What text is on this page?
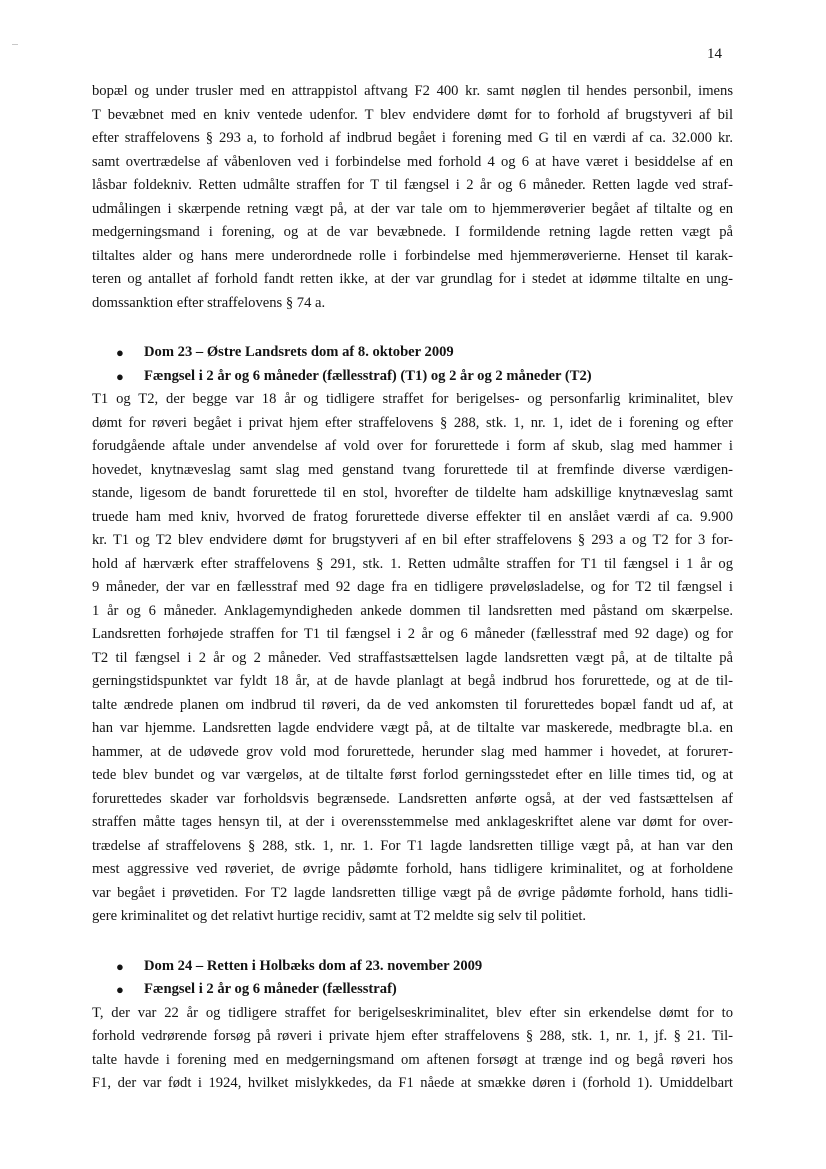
14
bopæl og under trusler med en attrappistol aftvang F2 400 kr. samt nøglen til hendes personbil, imens
T bevæbnet med en kniv ventede udenfor. T blev endvidere dømt for to forhold af brugstyveri af bil
efter straffelovens § 293 a, to forhold af indbrud begået i forening med G til en værdi af ca. 32.000 kr.
samt overtrædelse af våbenloven ved i forbindelse med forhold 4 og 6 at have været i besiddelse af en
låsbar foldekniv. Retten udmålte straffen for T til fængsel i 2 år og 6 måneder. Retten lagde ved straf-
udmålingen i skærpende retning vægt på, at der var tale om to hjemmerøverier begået af tiltalte og en
medgerningsmand i forening, og at de var bevæbnede. I formildende retning lagde retten vægt på
tiltaltes alder og hans mere underordnede rolle i forbindelse med hjemmerøverierne. Henset til karak-
teren og antallet af forhold fandt retten ikke, at der var grundlag for i stedet at idømme tiltalte en ung-
domssanktion efter straffelovens § 74 a.
● Dom 23 – Østre Landsrets dom af 8. oktober 2009
● Fængsel i 2 år og 6 måneder (fællesstraf) (T1) og 2 år og 2 måneder (T2)
T1 og T2, der begge var 18 år og tidligere straffet for berigelses- og personfarlig kriminalitet, blev
dømt for røveri begået i privat hjem efter straffelovens § 288, stk. 1, nr. 1, idet de i forening og efter
forudgående aftale under anvendelse af vold over for forurettede i form af skub, slag med hammer i
hovedet, knytnæveslag samt slag med genstand tvang forurettede til at fremfinde diverse værdigen-
stande, ligesom de bandt forurettede til en stol, hvorefter de tildelte ham adskillige knytnæveslag samt
truede ham med kniv, hvorved de fratog forurettede diverse effekter til en anslået værdi af ca. 9.900
kr. T1 og T2 blev endvidere dømt for brugstyveri af en bil efter straffelovens § 293 a og T2 for 3 for-
hold af hærværk efter straffelovens § 291, stk. 1. Retten udmålte straffen for T1 til fængsel i 1 år og
9 måneder, der var en fællesstraf med 92 dage fra en tidligere prøveløsladelse, og for T2 til fængsel i
1 år og 6 måneder. Anklagemyndigheden ankede dommen til landsretten med påstand om skærpelse.
Landsretten forhøjede straffen for T1 til fængsel i 2 år og 6 måneder (fællesstraf med 92 dage) og for
T2 til fængsel i 2 år og 2 måneder. Ved straffastsættelsen lagde landsretten vægt på, at de tiltalte på
gerningstidspunktet var fyldt 18 år, at de havde planlagt at begå indbrud hos forurettede, og at de til-
talte ændrede planen om indbrud til røveri, da de ved ankomsten til forurettedes bopæl fandt ud af, at
han var hjemme. Landsretten lagde endvidere vægt på, at de tiltalte var maskerede, medbragte bl.a. en
hammer, at de udøvede grov vold mod forurettede, herunder slag med hammer i hovedet, at forurет-
tede blev bundet og var værgeløs, at de tiltalte først forlod gerningsstedet efter en lille times tid, og at
forurettedes skader var forholdsvis begrænsede. Landsretten anførte også, at der ved fastsættelsen af
straffen måtte tages hensyn til, at der i overensstemmelse med anklageskriftet alene var dømt for over-
trædelse af straffelovens § 288, stk. 1, nr. 1. For T1 lagde landsretten tillige vægt på, at han var den
mest aggressive ved røveriet, de øvrige pådømte forhold, hans tidligere kriminalitet, og at forholdene
var begået i prøvetiden. For T2 lagde landsretten tillige vægt på de øvrige pådømte forhold, hans tidli-
gere kriminalitet og det relativt hurtige recidiv, samt at T2 meldte sig selv til politiet.
● Dom 24 – Retten i Holbæks dom af 23. november 2009
● Fængsel i 2 år og 6 måneder (fællesstraf)
T, der var 22 år og tidligere straffet for berigelseskriminalitet, blev efter sin erkendelse dømt for to
forhold vedrørende forsøg på røveri i private hjem efter straffelovens § 288, stk. 1, nr. 1, jf. § 21. Til-
talte havde i forening med en medgerningsmand om aftenen forsøgt at trænge ind og begå røveri hos
F1, der var født i 1924, hvilket mislykkedes, da F1 nåede at smække døren i (forhold 1). Umiddelbart
